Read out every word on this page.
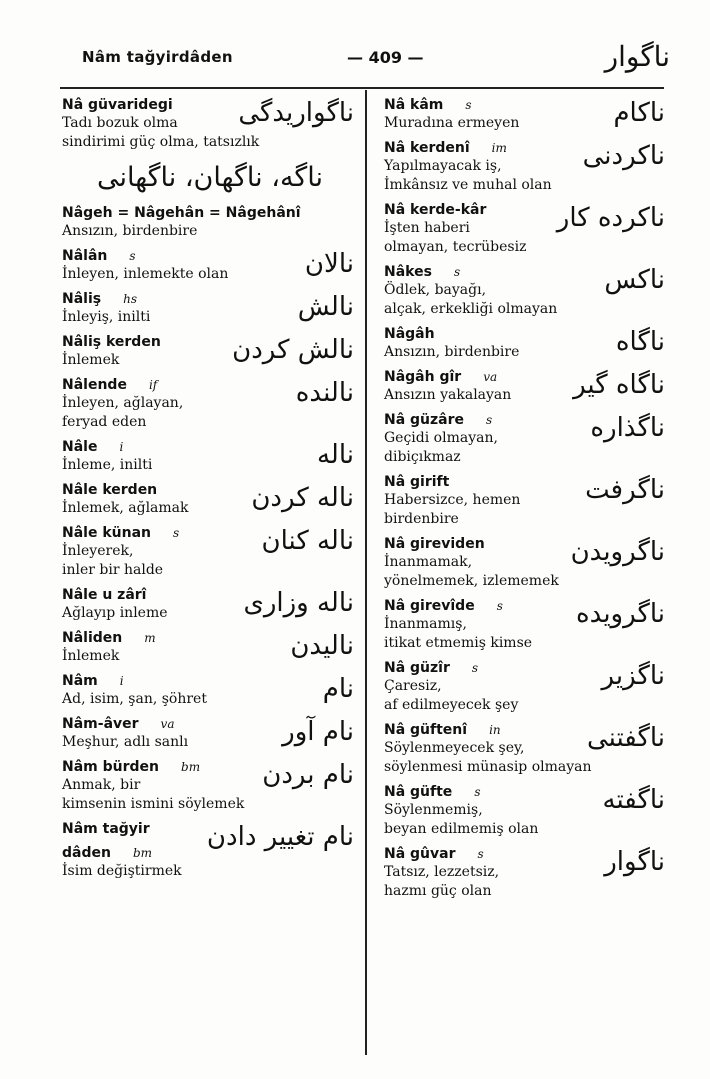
Nâm tağyirdâden	— 409 —	ناگوار
Nâ güvaridegi	ناگواریدگی
Tadı bozuk olma
sindirimi güç olma, tatsızlık
ناگه، ناگهان، ناگهانی
Nâgeh = Nâgehân = Nâgehânî
Ansızın, birdenbire
Nâlân s	نالان
İnleyen, inlemekte olan
Nâliş hs	نالش
İnleyiş, inilti
Nâliş kerden	نالش کردن
İnlemek
Nâlende if	نالنده
İnleyen, ağlayan,
feryad eden
Nâle i	ناله
İnleme, inilti
Nâle kerden	ناله کردن
İnlemek, ağlamak
Nâle künan s	ناله کنان
İnleyerek,
inler bir halde
Nâle u zârî	ناله وزاری
Ağlayıp inleme
Nâliden m	نالیدن
İnlemek
Nâm i	نام
Ad, isim, şan, şöhret
Nâm-âver va	نام آور
Meşhur, adlı sanlı
Nâm bürden bm	نام بردن
Anmak, bir
kimsenin ismini söylemek
Nâm tağyir	نام تغییر دادن
dâden bm
İsim değiştirmek
Nâ kâm s	ناکام
Muradına ermeyen
Nâ kerdenî im	ناکردنی
Yapılmayacak iş,
İmkânsız ve muhal olan
Nâ kerde-kâr	ناکرده کار
İşten haberi
olmayan, tecrübesiz
Nâkes s	ناکس
Ödlek, bayağı,
alçak, erkekliği olmayan
Nâgâh	ناگاه
Ansızın, birdenbire
Nâgâh gîr va	ناگاه گیر
Ansızın yakalayan
Nâ güzâre s	ناگذاره
Geçidi olmayan,
dibiçıkmaz
Nâ girift	ناگرفت
Habersizce, hemen
birdenbire
Nâ gireviden	ناگرویدن
İnanmamak,
yönelmemek, izlememek
Nâ girevîde s	ناگرویده
İnanmamış,
itikat etmemiş kimse
Nâ güzîr s	ناگزیر
Çaresiz,
af edilmeyecek şey
Nâ güftenî in	ناگفتنی
Söylenmeyecek şey,
söylenmesi münasip olmayan
Nâ güfte s	ناگفته
Söylenmemiş,
beyan edilmemiş olan
Nâ gûvar s	ناگوار
Tatsız, lezzetsiz,
hazmı güç olan
